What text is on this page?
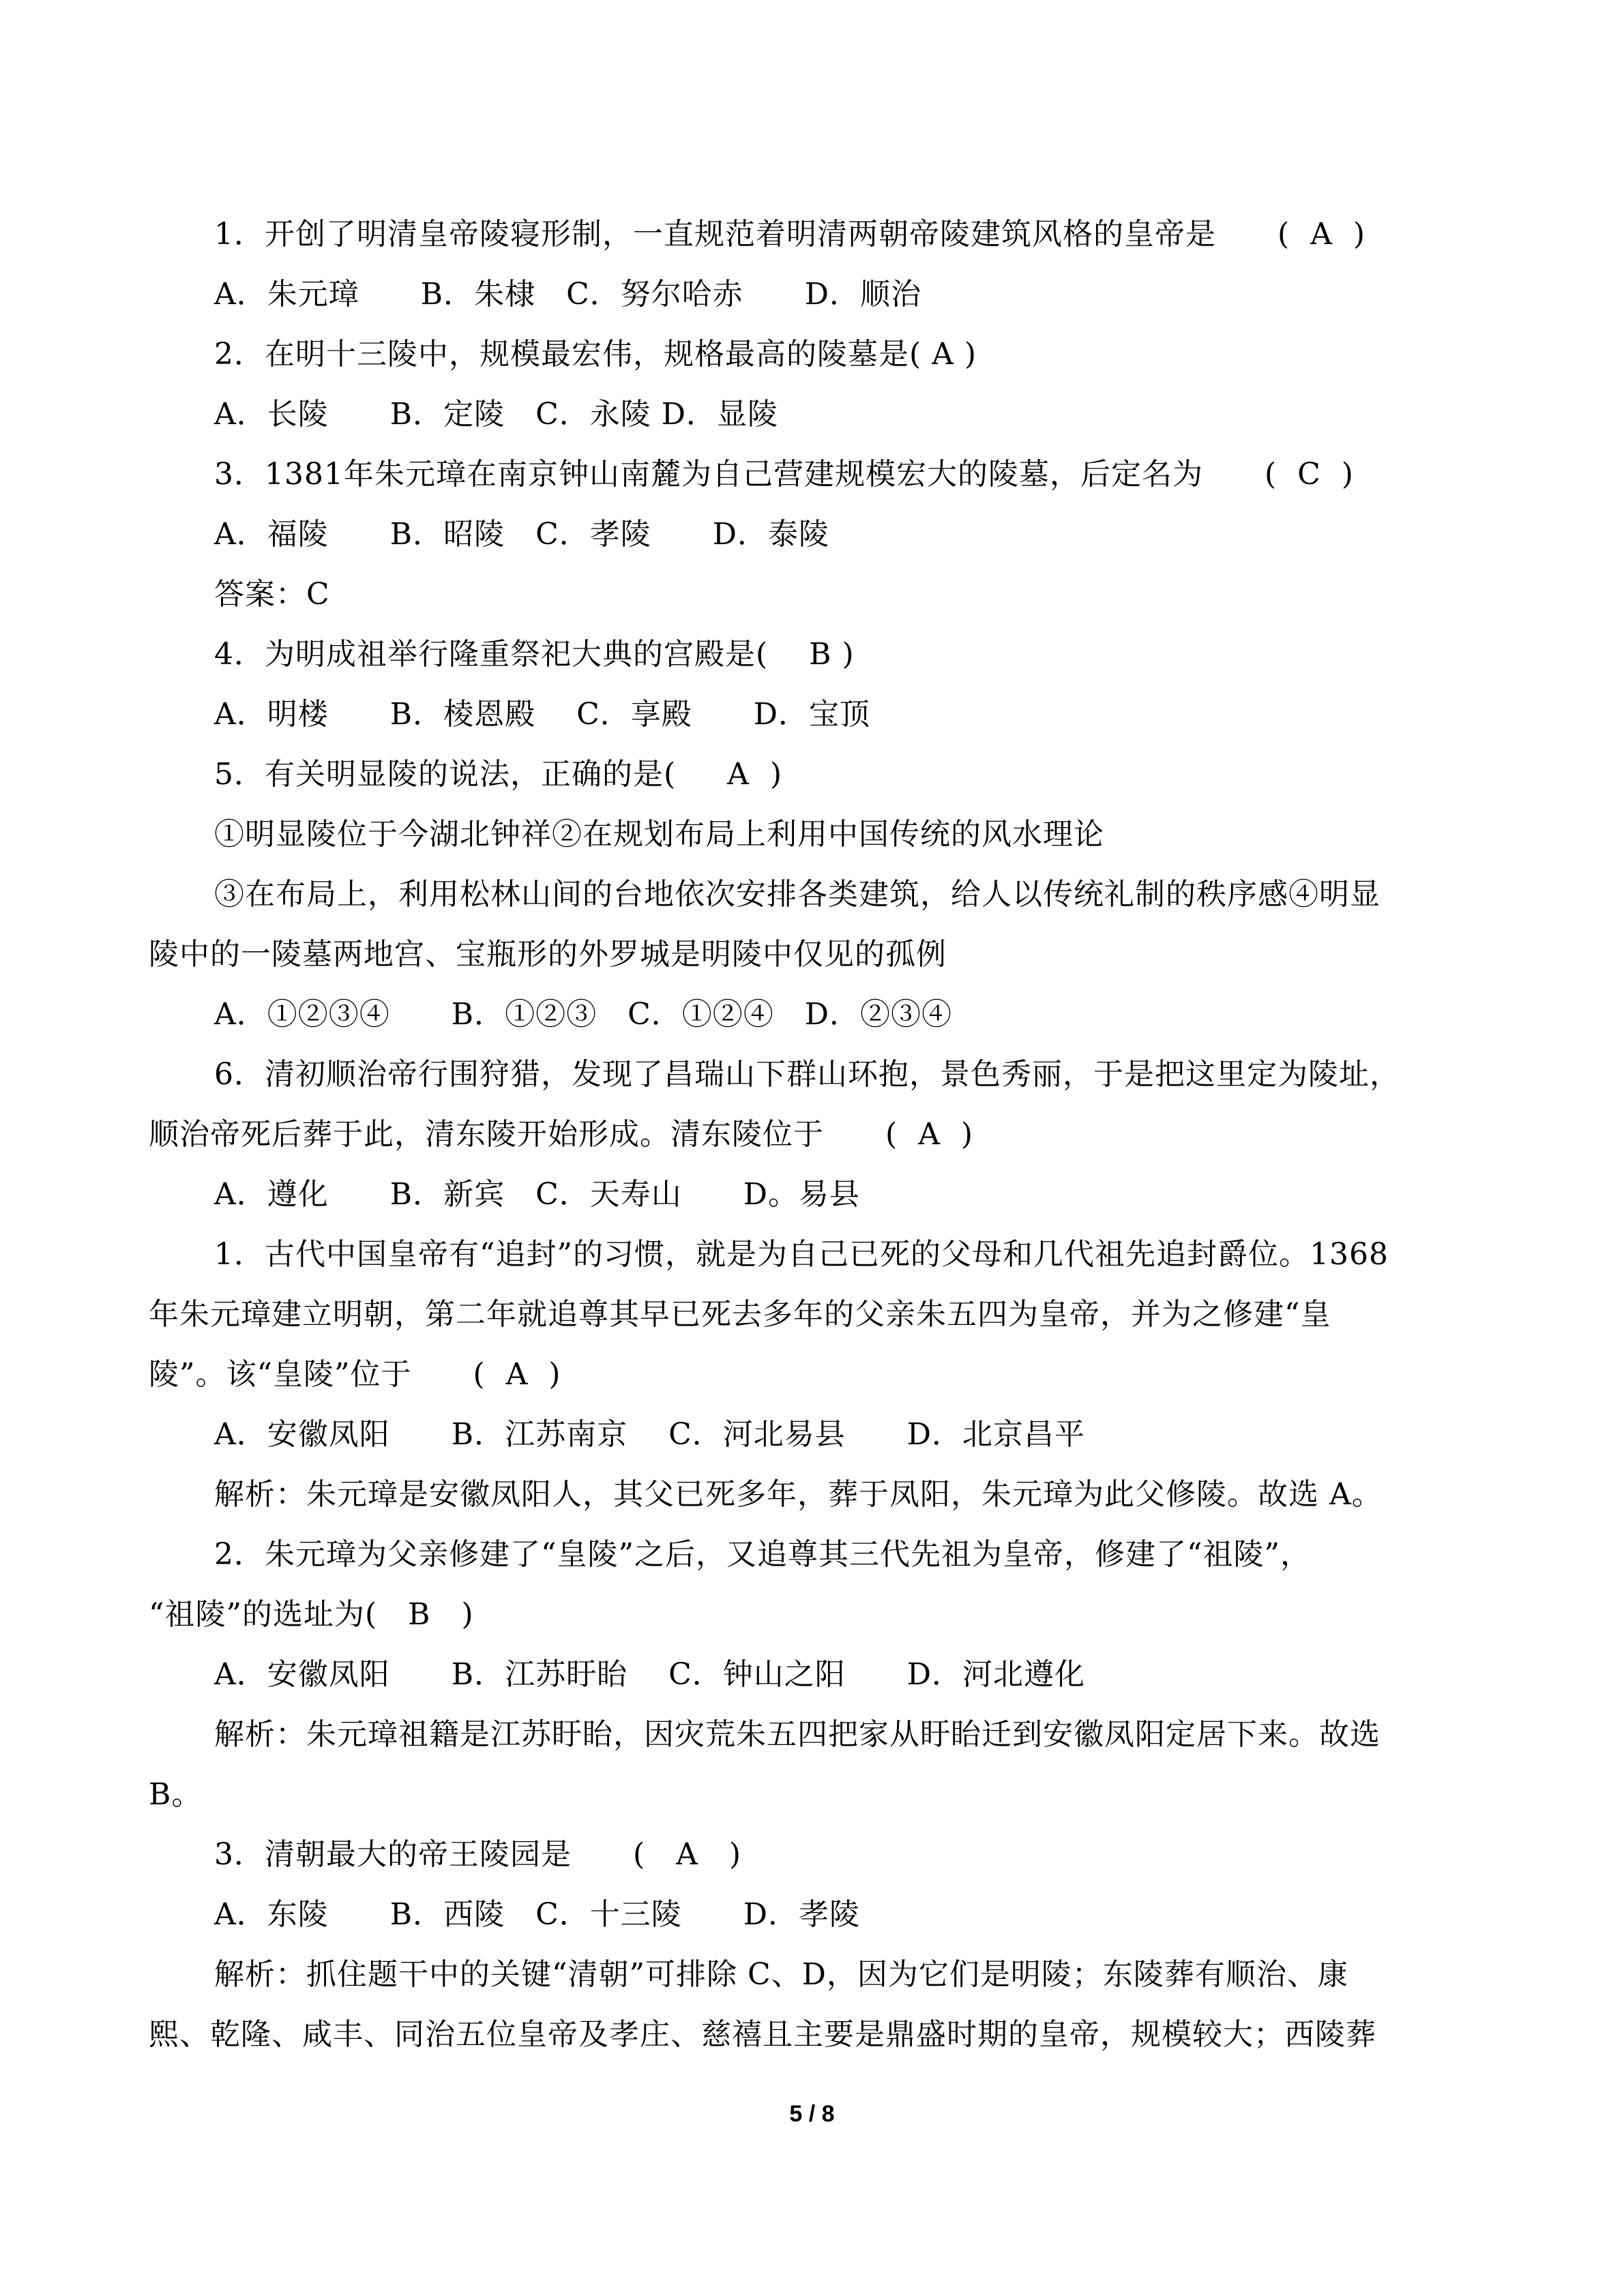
1．开创了明清皇帝陵寝形制，一直规范着明清两朝帝陵建筑风格的皇帝是　　(  A  )
A．朱元璋　　B．朱棣　C．努尔哈赤　　D．顺治
2．在明十三陵中，规模最宏伟，规格最高的陵墓是( A )
A．长陵　　B．定陵　C．永陵 D．显陵
3．1381年朱元璋在南京钟山南麓为自己营建规模宏大的陵墓，后定名为　　(  C  )
A．福陵　　B．昭陵　C．孝陵　　D．泰陵
答案：C
4．为明成祖举行隆重祭祀大典的宫殿是(　 B )
A．明楼　　B．棱恩殿　 C．享殿　　D．宝顶
5．有关明显陵的说法，正确的是(　  A  )
①明显陵位于今湖北钟祥②在规划布局上利用中国传统的风水理论
③在布局上，利用松林山间的台地依次安排各类建筑，给人以传统礼制的秩序感④明显
陵中的一陵墓两地宫、宝瓶形的外罗城是明陵中仅见的孤例
A．①②③④　　B．①②③　C．①②④　D．②③④
6．清初顺治帝行围狩猎，发现了昌瑞山下群山环抱，景色秀丽，于是把这里定为陵址，
顺治帝死后葬于此，清东陵开始形成。清东陵位于　　(  A  )
A．遵化　　B．新宾　C．天寿山　　D。易县
1．古代中国皇帝有“追封”的习惯，就是为自己已死的父母和几代祖先追封爵位。1368
年朱元璋建立明朝，第二年就追尊其早已死去多年的父亲朱五四为皇帝，并为之修建“皇
陵”。该“皇陵”位于　　(  A  )
A．安徽凤阳　　B．江苏南京　 C．河北易县　　D．北京昌平
解析：朱元璋是安徽凤阳人，其父已死多年，葬于凤阳，朱元璋为此父修陵。故选 A。
2．朱元璋为父亲修建了“皇陵”之后，又追尊其三代先祖为皇帝，修建了“祖陵”，
“祖陵”的选址为(　B　)
A．安徽凤阳　　B．江苏盱眙　 C．钟山之阳　　D．河北遵化
解析：朱元璋祖籍是江苏盱眙，因灾荒朱五四把家从盱眙迁到安徽凤阳定居下来。故选
B。
3．清朝最大的帝王陵园是　　(　A　)
A．东陵　　B．西陵　C．十三陵　　D．孝陵
解析：抓住题干中的关键“清朝”可排除 C、D，因为它们是明陵；东陵葬有顺治、康
熙、乾隆、咸丰、同治五位皇帝及孝庄、慈禧且主要是鼎盛时期的皇帝，规模较大；西陵葬
5 / 8
